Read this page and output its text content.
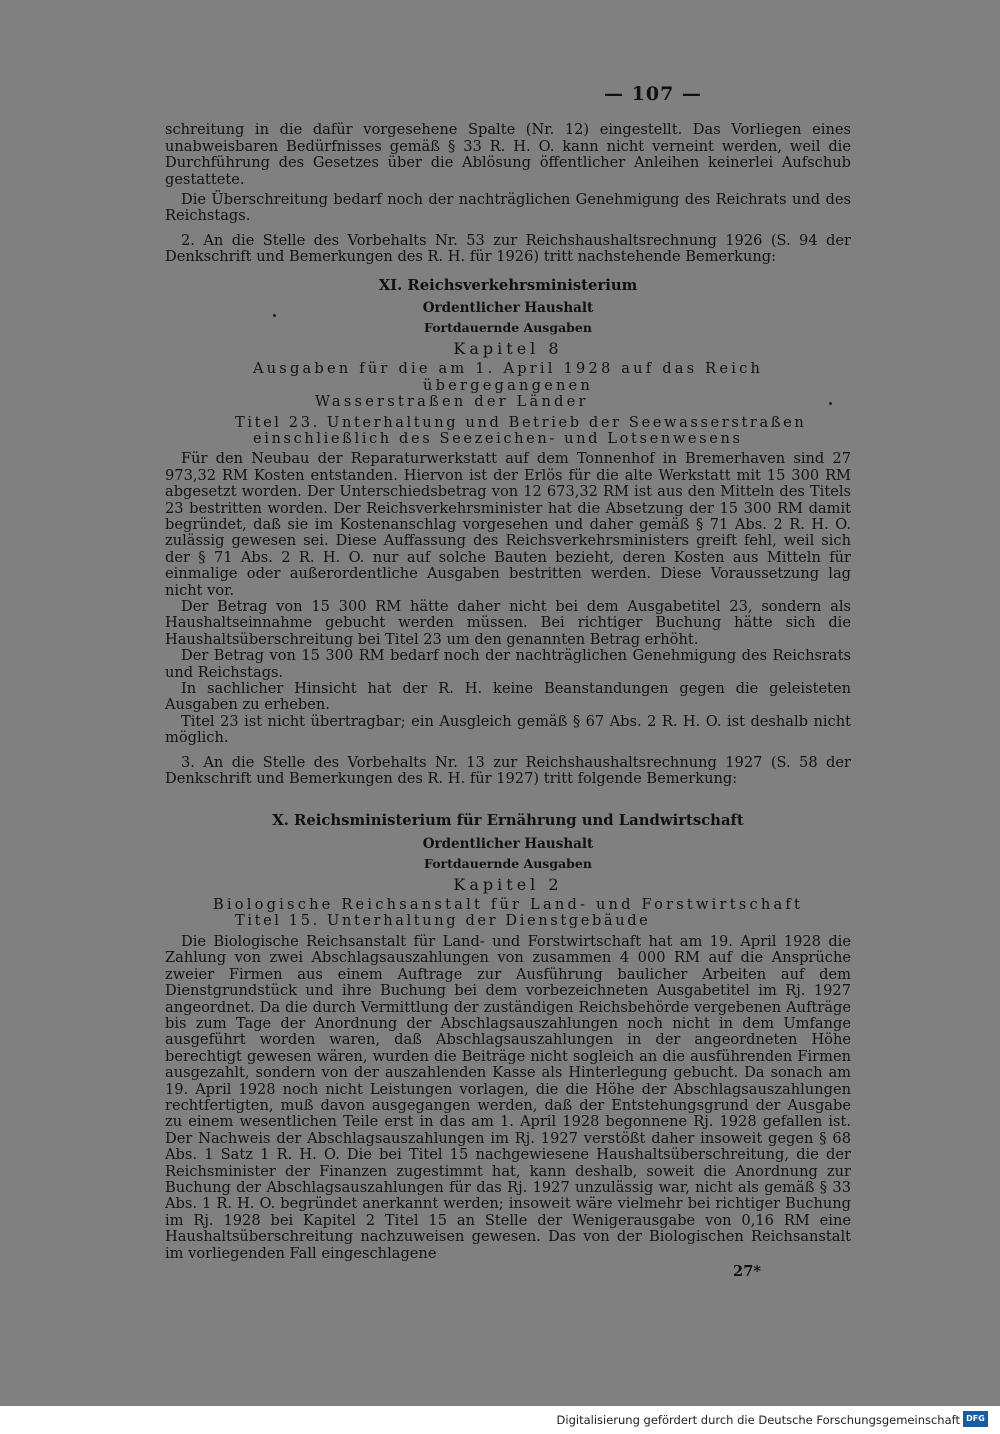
— 107 —

schreitung in die dafür vorgesehene Spalte (Nr. 12) eingestellt. Das Vorliegen eines unabweisbaren Bedürfnisses gemäß § 33 R. H. O. kann nicht verneint werden, weil die Durchführung des Gesetzes über die Ablösung öffentlicher Anleihen keinerlei Aufschub gestattete.

Die Überschreitung bedarf noch der nachträglichen Genehmigung des Reichrats und des Reichstags.

2. An die Stelle des Vorbehalts Nr. 53 zur Reichshaushaltsrechnung 1926 (S. 94 der Denkschrift und Bemerkungen des R. H. für 1926) tritt nachstehende Bemerkung:

XI. Reichsverkehrsministerium
Ordentlicher Haushalt
Fortdauernde Ausgaben
Kapitel 8
Ausgaben für die am 1. April 1928 auf das Reich übergegangenen
Wasserstraßen der Länder
Titel 23. Unterhaltung und Betrieb der Seewasserstraßen
einschließlich des Seezeichen- und Lotsenwesens

Für den Neubau der Reparaturwerkstatt auf dem Tonnenhof in Bremerhaven sind 27 973,32 RM Kosten entstanden. Hiervon ist der Erlös für die alte Werkstatt mit 15 300 RM abgesetzt worden. Der Unterschiedsbetrag von 12 673,32 RM ist aus den Mitteln des Titels 23 bestritten worden. Der Reichsverkehrsminister hat die Absetzung der 15 300 RM damit begründet, daß sie im Kostenanschlag vorgesehen und daher gemäß § 71 Abs. 2 R. H. O. zulässig gewesen sei. Diese Auffassung des Reichsverkehrsministers greift fehl, weil sich der § 71 Abs. 2 R. H. O. nur auf solche Bauten bezieht, deren Kosten aus Mitteln für einmalige oder außerordentliche Ausgaben bestritten werden. Diese Voraussetzung lag nicht vor.

Der Betrag von 15 300 RM hätte daher nicht bei dem Ausgabetitel 23, sondern als Haushaltseinnahme gebucht werden müssen. Bei richtiger Buchung hätte sich die Haushaltsüberschreitung bei Titel 23 um den genannten Betrag erhöht.

Der Betrag von 15 300 RM bedarf noch der nachträglichen Genehmigung des Reichsrats und Reichstags.

In sachlicher Hinsicht hat der R. H. keine Beanstandungen gegen die geleisteten Ausgaben zu erheben.

Titel 23 ist nicht übertragbar; ein Ausgleich gemäß § 67 Abs. 2 R. H. O. ist deshalb nicht möglich.

3. An die Stelle des Vorbehalts Nr. 13 zur Reichshaushaltsrechnung 1927 (S. 58 der Denkschrift und Bemerkungen des R. H. für 1927) tritt folgende Bemerkung:

X. Reichsministerium für Ernährung und Landwirtschaft
Ordentlicher Haushalt
Fortdauernde Ausgaben
Kapitel 2
Biologische Reichsanstalt für Land- und Forstwirtschaft
Titel 15. Unterhaltung der Dienstgebäude

Die Biologische Reichsanstalt für Land- und Forstwirtschaft hat am 19. April 1928 die Zahlung von zwei Abschlagsauszahlungen von zusammen 4 000 RM auf die Ansprüche zweier Firmen aus einem Auftrage zur Ausführung baulicher Arbeiten auf dem Dienstgrundstück und ihre Buchung bei dem vorbezeichneten Ausgabetitel im Rj. 1927 angeordnet. Da die durch Vermittlung der zuständigen Reichsbehörde vergebenen Aufträge bis zum Tage der Anordnung der Abschlagsauszahlungen noch nicht in dem Umfange ausgeführt worden waren, daß Abschlagsauszahlungen in der angeordneten Höhe berechtigt gewesen wären, wurden die Beiträge nicht sogleich an die ausführenden Firmen ausgezahlt, sondern von der auszahlenden Kasse als Hinterlegung gebucht. Da sonach am 19. April 1928 noch nicht Leistungen vorlagen, die die Höhe der Abschlagsauszahlungen rechtfertigten, muß davon ausgegangen werden, daß der Entstehungsgrund der Ausgabe zu einem wesentlichen Teile erst in das am 1. April 1928 begonnene Rj. 1928 gefallen ist. Der Nachweis der Abschlagsauszahlungen im Rj. 1927 verstößt daher insoweit gegen § 68 Abs. 1 Satz 1 R. H. O. Die bei Titel 15 nachgewiesene Haushaltsüberschreitung, die der Reichsminister der Finanzen zugestimmt hat, kann deshalb, soweit die Anordnung zur Buchung der Abschlagsauszahlungen für das Rj. 1927 unzulässig war, nicht als gemäß § 33 Abs. 1 R. H. O. begründet anerkannt werden; insoweit wäre vielmehr bei richtiger Buchung im Rj. 1928 bei Kapitel 2 Titel 15 an Stelle der Wenigerausgabe von 0,16 RM eine Haushaltsüberschreitung nachzuweisen gewesen. Das von der Biologischen Reichsanstalt im vorliegenden Fall eingeschlagene

27*
Digitalisierung gefördert durch die Deutsche Forschungsgemeinschaft DFG
